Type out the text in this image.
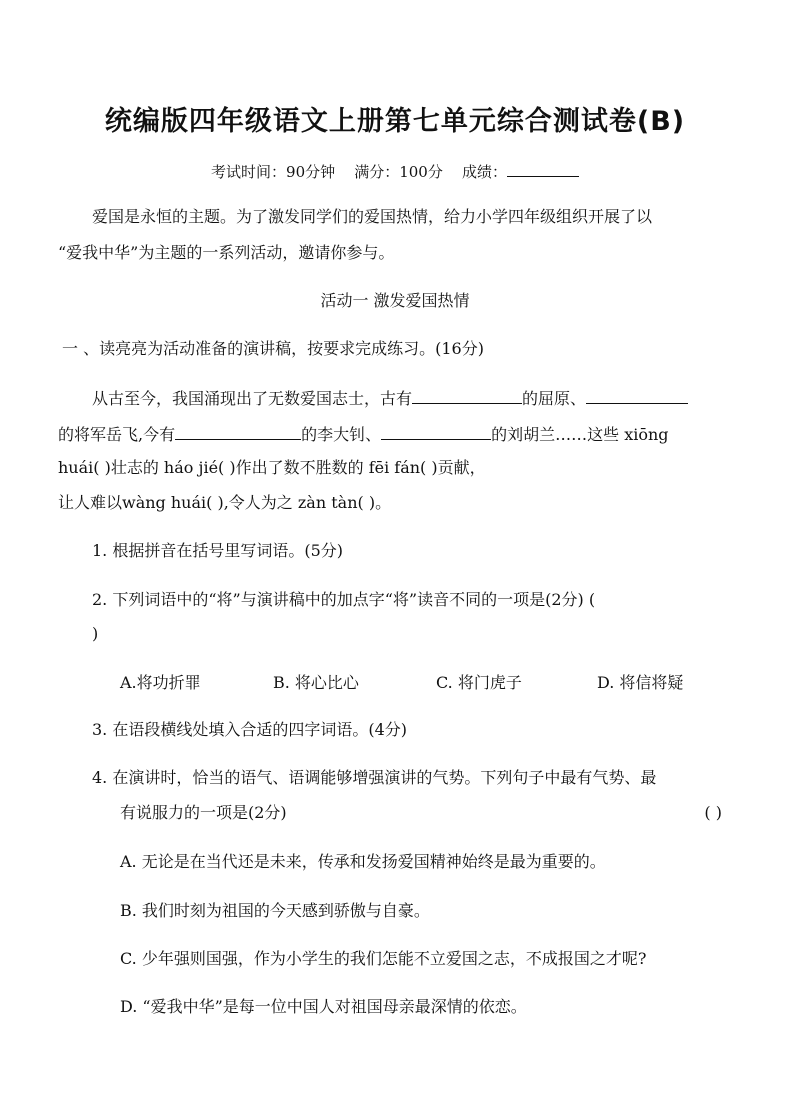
统编版四年级语文上册第七单元综合测试卷(B)
考试时间：90分钟 满分：100分 成绩：
爱国是永恒的主题。为了激发同学们的爱国热情，给力小学四年级组织开展了以
“爱我中华”为主题的一系列活动，邀请你参与。
活动一 激发爱国热情
一 、读亮亮为活动准备的演讲稿，按要求完成练习。(16分)
从古至今，我国涌现出了无数爱国志士，古有	的屈原、
的将军岳飞,今有	的李大钊、	的刘胡兰……这些 xiōng
huái( )壮志的 háo jié( )作出了数不胜数的 fēi fán( )贡献，
让人难以wàng huái( ),令人为之 zàn tàn( )。
1. 根据拼音在括号里写词语。(5分)
2. 下列词语中的“将”与演讲稿中的加点字“将”读音不同的一项是(2分) (
)
A.将功折罪	B. 将心比心	C. 将门虎子	D. 将信将疑
3. 在语段横线处填入合适的四字词语。(4分)
4. 在演讲时，恰当的语气、语调能够增强演讲的气势。下列句子中最有气势、最
有说服力的一项是(2分)	( )
A. 无论是在当代还是未来，传承和发扬爱国精神始终是最为重要的。
B. 我们时刻为祖国的今天感到骄傲与自豪。
C. 少年强则国强，作为小学生的我们怎能不立爱国之志，不成报国之才呢?
D. “爱我中华”是每一位中国人对祖国母亲最深情的依恋。
